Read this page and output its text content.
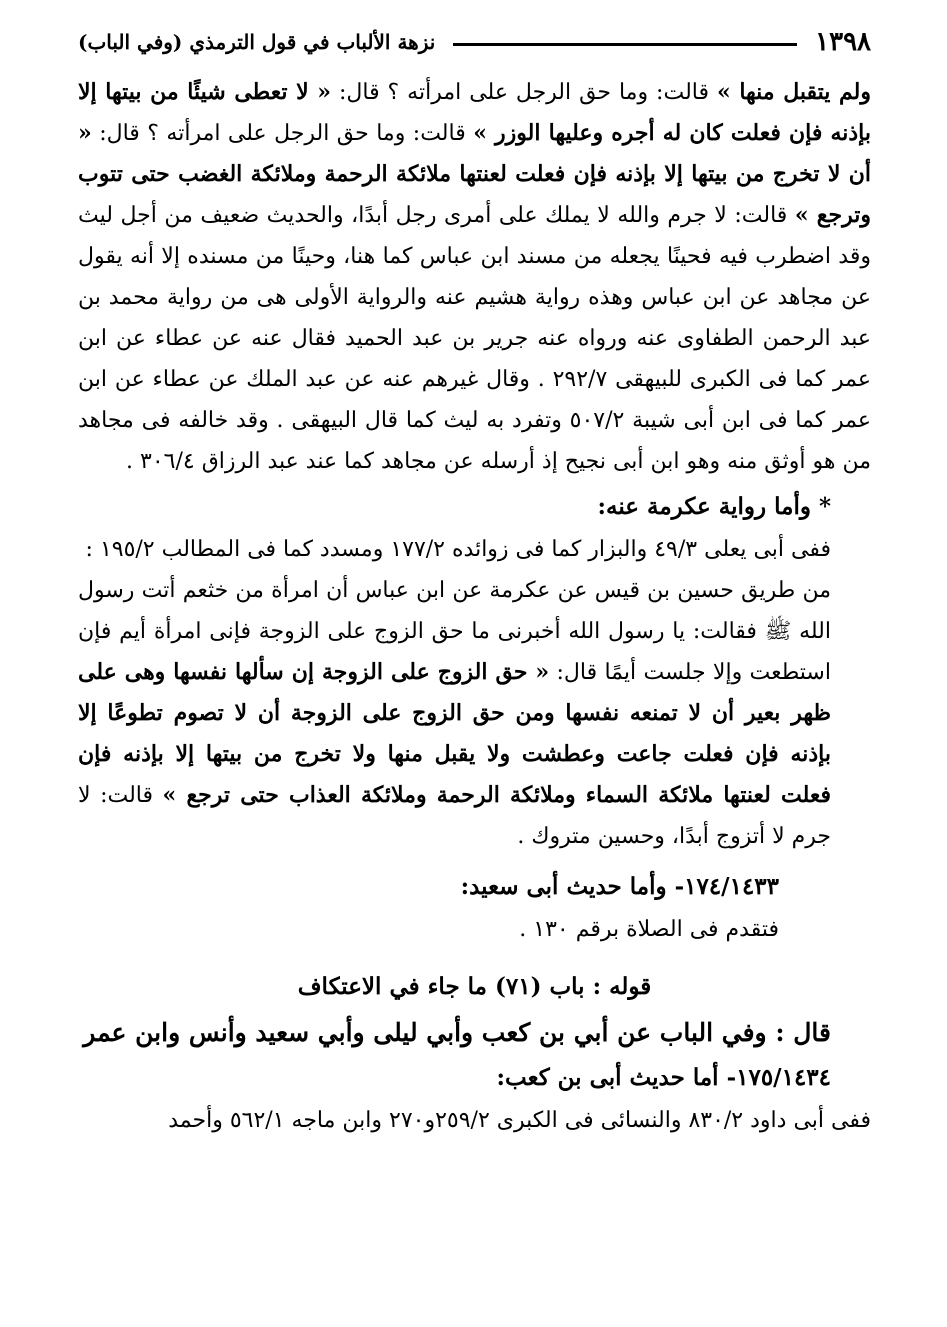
١٣٩٨
نزهة الألباب في قول الترمذي (وفي الباب)

ولم يتقبل منها » قالت: وما حق الرجل على امرأته ؟ قال: « لا تعطى شيئًا من بيتها إلا بإذنه فإن فعلت كان له أجره وعليها الوزر » قالت: وما حق الرجل على امرأته ؟ قال: « أن لا تخرج من بيتها إلا بإذنه فإن فعلت لعنتها ملائكة الرحمة وملائكة الغضب حتى تتوب وترجع » قالت: لا جرم والله لا يملك على أمرى رجل أبدًا، والحديث ضعيف من أجل ليث وقد اضطرب فيه فحينًا يجعله من مسند ابن عباس كما هنا، وحينًا من مسنده إلا أنه يقول عن مجاهد عن ابن عباس وهذه رواية هشيم عنه والرواية الأولى هى من رواية محمد بن عبد الرحمن الطفاوى عنه ورواه عنه جرير بن عبد الحميد فقال عنه عن عطاء عن ابن عمر كما فى الكبرى للبيهقى ٢٩٢/٧ . وقال غيرهم عنه عن عبد الملك عن عطاء عن ابن عمر كما فى ابن أبى شيبة ٥٠٧/٢ وتفرد به ليث كما قال البيهقى . وقد خالفه فى مجاهد من هو أوثق منه وهو ابن أبى نجيح إذ أرسله عن مجاهد كما عند عبد الرزاق ٣٠٦/٤ .

* وأما رواية عكرمة عنه:

ففى أبى يعلى ٤٩/٣ والبزار كما فى زوائده ١٧٧/٢ ومسدد كما فى المطالب ١٩٥/٢ :

من طريق حسين بن قيس عن عكرمة عن ابن عباس أن امرأة من خثعم أتت رسول الله ﷺ فقالت: يا رسول الله أخبرنى ما حق الزوج على الزوجة فإنى امرأة أيم فإن استطعت وإلا جلست أيمًا قال: « حق الزوج على الزوجة إن سألها نفسها وهى على ظهر بعير أن لا تمنعه نفسها ومن حق الزوج على الزوجة أن لا تصوم تطوعًا إلا بإذنه فإن فعلت جاعت وعطشت ولا يقبل منها ولا تخرج من بيتها إلا بإذنه فإن فعلت لعنتها ملائكة السماء وملائكة الرحمة وملائكة العذاب حتى ترجع » قالت: لا جرم لا أتزوج أبدًا، وحسين متروك .

١٧٤/١٤٣٣- وأما حديث أبى سعيد:

فتقدم فى الصلاة برقم ١٣٠ .

قوله : باب (٧١) ما جاء في الاعتكاف

قال : وفي الباب عن أبي بن كعب وأبي ليلى وأبي سعيد وأنس وابن عمر

١٧٥/١٤٣٤- أما حديث أبى بن كعب:

ففى أبى داود ٨٣٠/٢ والنسائى فى الكبرى ٢٥٩/٢و٢٧٠ وابن ماجه ٥٦٢/١ وأحمد
